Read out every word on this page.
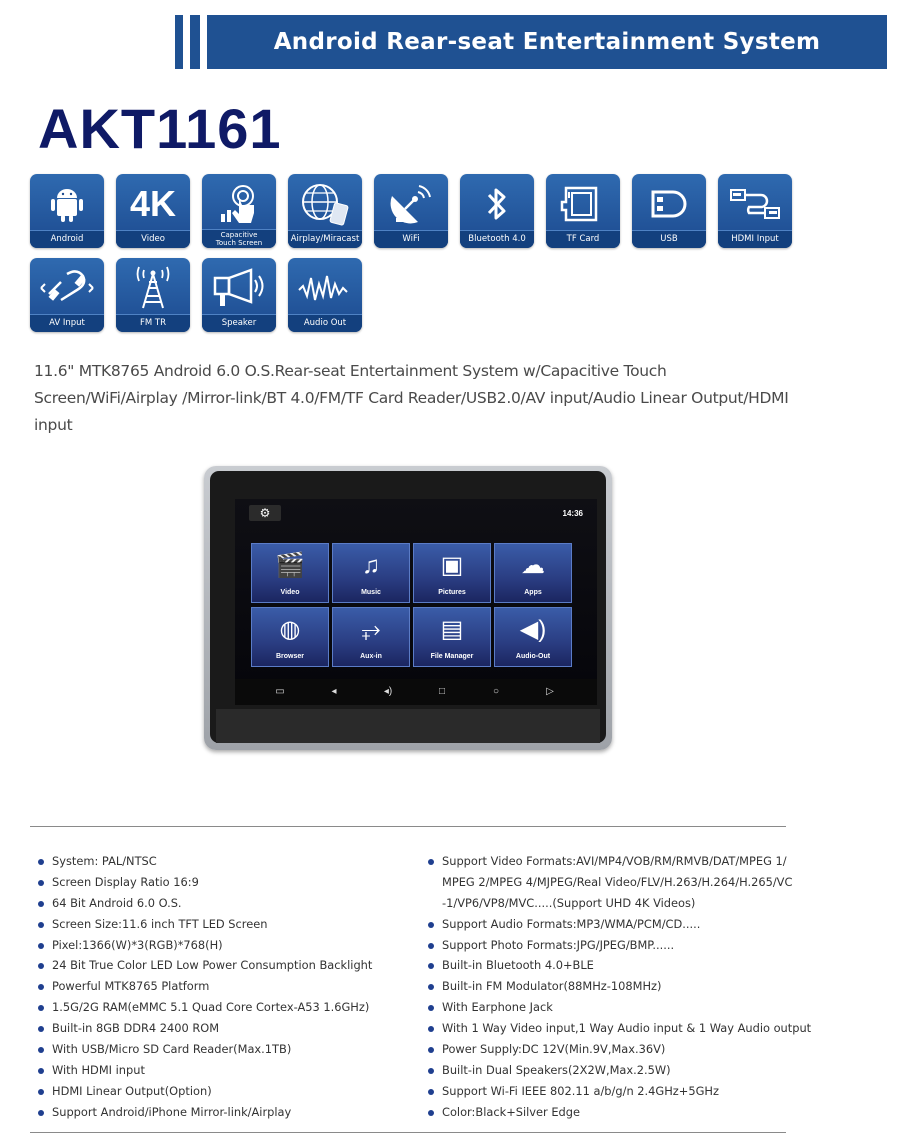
Android Rear-seat Entertainment System
AKT1161
Android
4K
Video	Capacitive
Touch Screen	Airplay/Miracast	WiFi	Bluetooth 4.0	TF Card	USB	HDMI Input
AV Input	FM TR	Speaker	Audio Out
11.6" MTK8765 Android 6.0 O.S.Rear-seat Entertainment System w/Capacitive Touch Screen/WiFi/Airplay /Mirror-link/BT 4.0/FM/TF Card Reader/USB2.0/AV input/Audio Linear Output/HDMI input
⚙	14:36
🎬
Video
♫
Music
▣
Pictures
☁
Apps
◍
Browser
⥅
Aux-in
▤
File Manager
◀)
Audio-Out
▭	◂	◂)	□	○	▷
System: PAL/NTSC
Screen Display Ratio 16:9
64 Bit Android 6.0 O.S.
Screen Size:11.6 inch TFT LED Screen
Pixel:1366(W)*3(RGB)*768(H)
24 Bit True Color LED Low Power Consumption Backlight
Powerful MTK8765 Platform
1.5G/2G RAM(eMMC 5.1 Quad Core Cortex-A53 1.6GHz)
Built-in 8GB DDR4 2400 ROM
With USB/Micro SD Card Reader(Max.1TB)
With HDMI input
HDMI Linear Output(Option)
Support Android/iPhone Mirror-link/Airplay
Support Video Formats:AVI/MP4/VOB/RM/RMVB/DAT/MPEG 1/
MPEG 2/MPEG 4/MJPEG/Real Video/FLV/H.263/H.264/H.265/VC
-1/VP6/VP8/MVC.....(Support UHD 4K Videos)
Support Audio Formats:MP3/WMA/PCM/CD.....
Support Photo Formats:JPG/JPEG/BMP......
Built-in Bluetooth 4.0+BLE
Built-in FM Modulator(88MHz-108MHz)
With Earphone Jack
With 1 Way Video input,1 Way Audio input & 1 Way Audio output
Power Supply:DC 12V(Min.9V,Max.36V)
Built-in Dual Speakers(2X2W,Max.2.5W)
Support Wi-Fi IEEE 802.11 a/b/g/n 2.4GHz+5GHz
Color:Black+Silver Edge
